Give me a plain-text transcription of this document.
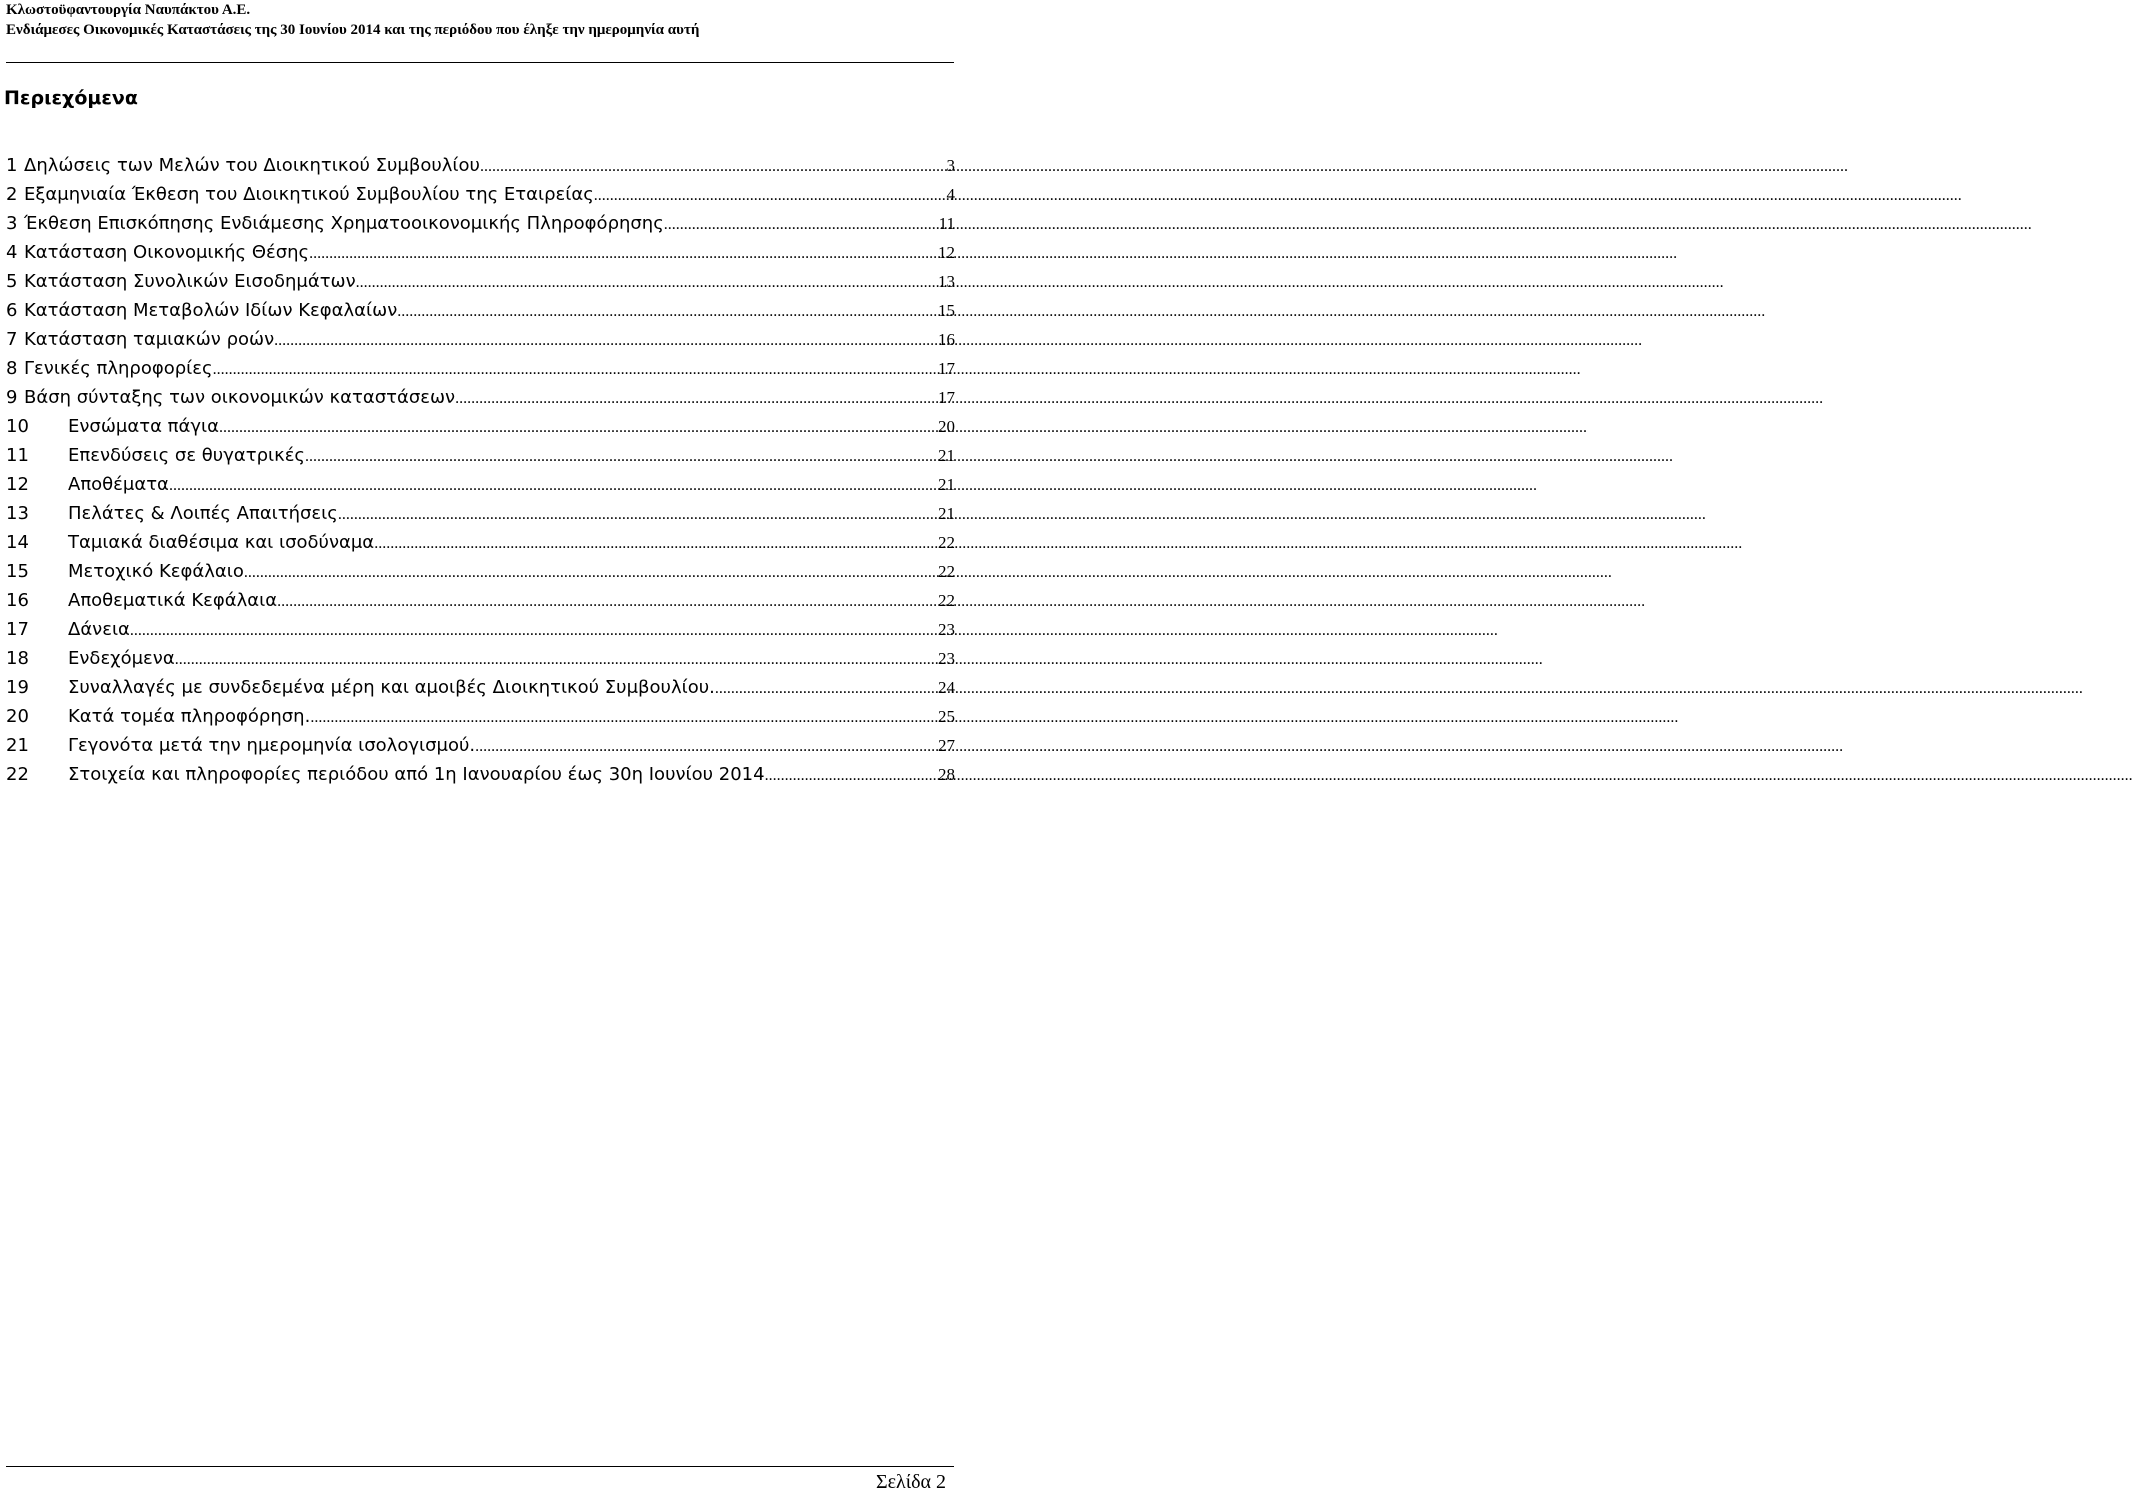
Κλωστοϋφαντουργία Ναυπάκτου Α.Ε.
Ενδιάμεσες Οικονομικές Καταστάσεις της 30 Ιουνίου 2014 και της περιόδου που έληξε την ημερομηνία αυτή
Περιεχόμενα
1 Δηλώσεις των Μελών του Διοικητικού Συμβουλίου .....	3
2 Εξαμηνιαία Έκθεση του Διοικητικού Συμβουλίου της Εταιρείας .....	4
3 Έκθεση Επισκόπησης Ενδιάμεσης Χρηματοοικονομικής Πληροφόρησης .....	11
4 Κατάσταση Οικονομικής Θέσης .....	12
5 Κατάσταση Συνολικών Εισοδημάτων .....	13
6 Κατάσταση Μεταβολών Ιδίων Κεφαλαίων .....	15
7 Κατάσταση ταμιακών ροών .....	16
8 Γενικές πληροφορίες .....	17
9 Βάση σύνταξης των οικονομικών καταστάσεων .....	17
10	Ενσώματα πάγια .....	20
11	Επενδύσεις σε θυγατρικές .....	21
12	Αποθέματα .....	21
13	Πελάτες & Λοιπές Απαιτήσεις .....	21
14	Ταμιακά διαθέσιμα και ισοδύναμα .....	22
15	Μετοχικό Κεφάλαιο .....	22
16	Αποθεματικά Κεφάλαια .....	22
17	Δάνεια .....	23
18	Ενδεχόμενα .....	23
19	Συναλλαγές με συνδεδεμένα μέρη και αμοιβές Διοικητικού Συμβουλίου. .....	24
20	Κατά τομέα πληροφόρηση. .....	25
21	Γεγονότα μετά την ημερομηνία ισολογισμού. .....	27
22	Στοιχεία και πληροφορίες περιόδου από 1η Ιανουαρίου έως 30η Ιουνίου 2014 .....	28
Σελίδα 2
